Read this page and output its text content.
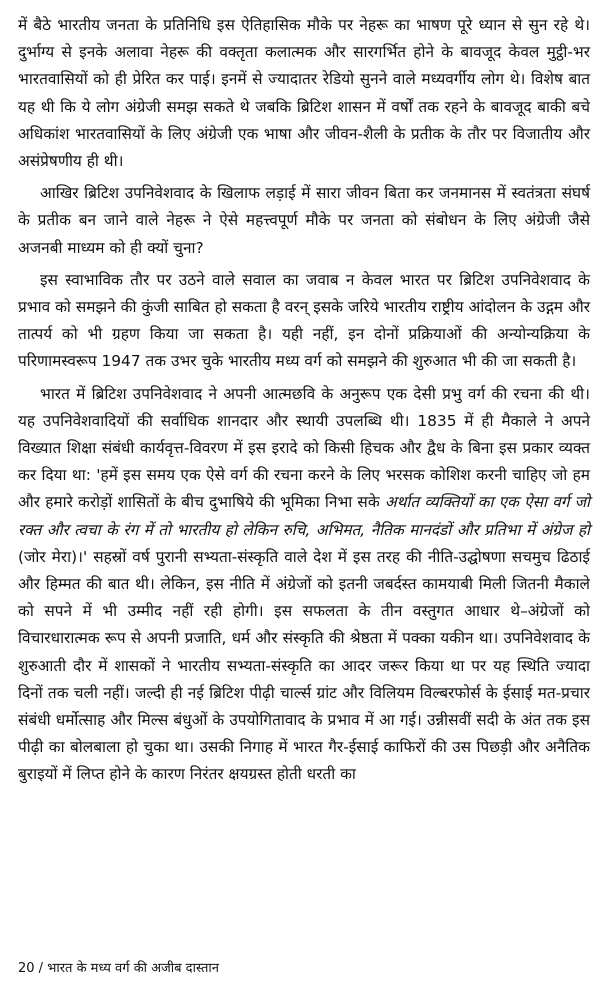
में बैठे भारतीय जनता के प्रतिनिधि इस ऐतिहासिक मौके पर नेहरू का भाषण पूरे ध्यान से सुन रहे थे। दुर्भाग्य से इनके अलावा नेहरू की वक्तृता कलात्मक और सारगर्भित होने के बावजूद केवल मुट्ठी-भर भारतवासियों को ही प्रेरित कर पाई। इनमें से ज्यादातर रेडियो सुनने वाले मध्यवर्गीय लोग थे। विशेष बात यह थी कि ये लोग अंग्रेजी समझ सकते थे जबकि ब्रिटिश शासन में वर्षों तक रहने के बावजूद बाकी बचे अधिकांश भारतवासियों के लिए अंग्रेजी एक भाषा और जीवन-शैली के प्रतीक के तौर पर विजातीय और असंप्रेषणीय ही थी।

आखिर ब्रिटिश उपनिवेशवाद के खिलाफ लड़ाई में सारा जीवन बिता कर जनमानस में स्वतंत्रता संघर्ष के प्रतीक बन जाने वाले नेहरू ने ऐसे महत्त्वपूर्ण मौके पर जनता को संबोधन के लिए अंग्रेजी जैसे अजनबी माध्यम को ही क्यों चुना?

इस स्वाभाविक तौर पर उठने वाले सवाल का जवाब न केवल भारत पर ब्रिटिश उपनिवेशवाद के प्रभाव को समझने की कुंजी साबित हो सकता है वरन् इसके जरिये भारतीय राष्ट्रीय आंदोलन के उद्गम और तात्पर्य को भी ग्रहण किया जा सकता है। यही नहीं, इन दोनों प्रक्रियाओं की अन्योन्यक्रिया के परिणामस्वरूप 1947 तक उभर चुके भारतीय मध्य वर्ग को समझने की शुरुआत भी की जा सकती है।

भारत में ब्रिटिश उपनिवेशवाद ने अपनी आत्मछवि के अनुरूप एक देसी प्रभु वर्ग की रचना की थी। यह उपनिवेशवादियों की सर्वाधिक शानदार और स्थायी उपलब्धि थी। 1835 में ही मैकाले ने अपने विख्यात शिक्षा संबंधी कार्यवृत्त-विवरण में इस इरादे को किसी हिचक और द्वैध के बिना इस प्रकार व्यक्त कर दिया था: 'हमें इस समय एक ऐसे वर्ग की रचना करने के लिए भरसक कोशिश करनी चाहिए जो हम और हमारे करोड़ों शासितों के बीच दुभाषिये की भूमिका निभा सके अर्थात व्यक्तियों का एक ऐसा वर्ग जो रक्त और त्वचा के रंग में तो भारतीय हो लेकिन रुचि, अभिमत, नैतिक मानदंडों और प्रतिभा में अंग्रेज हो (जोर मेरा)।' सहस्रों वर्ष पुरानी सभ्यता-संस्कृति वाले देश में इस तरह की नीति-उद्घोषणा सचमुच ढिठाई और हिम्मत की बात थी। लेकिन, इस नीति में अंग्रेजों को इतनी जबर्दस्त कामयाबी मिली जितनी मैकाले को सपने में भी उम्मीद नहीं रही होगी। इस सफलता के तीन वस्तुगत आधार थे–अंग्रेजों को विचारधारात्मक रूप से अपनी प्रजाति, धर्म और संस्कृति की श्रेष्ठता में पक्का यकीन था। उपनिवेशवाद के शुरुआती दौर में शासकों ने भारतीय सभ्यता-संस्कृति का आदर जरूर किया था पर यह स्थिति ज्यादा दिनों तक चली नहीं। जल्दी ही नई ब्रिटिश पीढ़ी चार्ल्स ग्रांट और विलियम विल्बरफोर्स के ईसाई मत-प्रचार संबंधी धर्मोत्साह और मिल्स बंधुओं के उपयोगितावाद के प्रभाव में आ गई। उन्नीसवीं सदी के अंत तक इस पीढ़ी का बोलबाला हो चुका था। उसकी निगाह में भारत गैर-ईसाई काफिरों की उस पिछड़ी और अनैतिक बुराइयों में लिप्त होने के कारण निरंतर क्षयग्रस्त होती धरती का

20 / भारत के मध्य वर्ग की अजीब दास्तान
